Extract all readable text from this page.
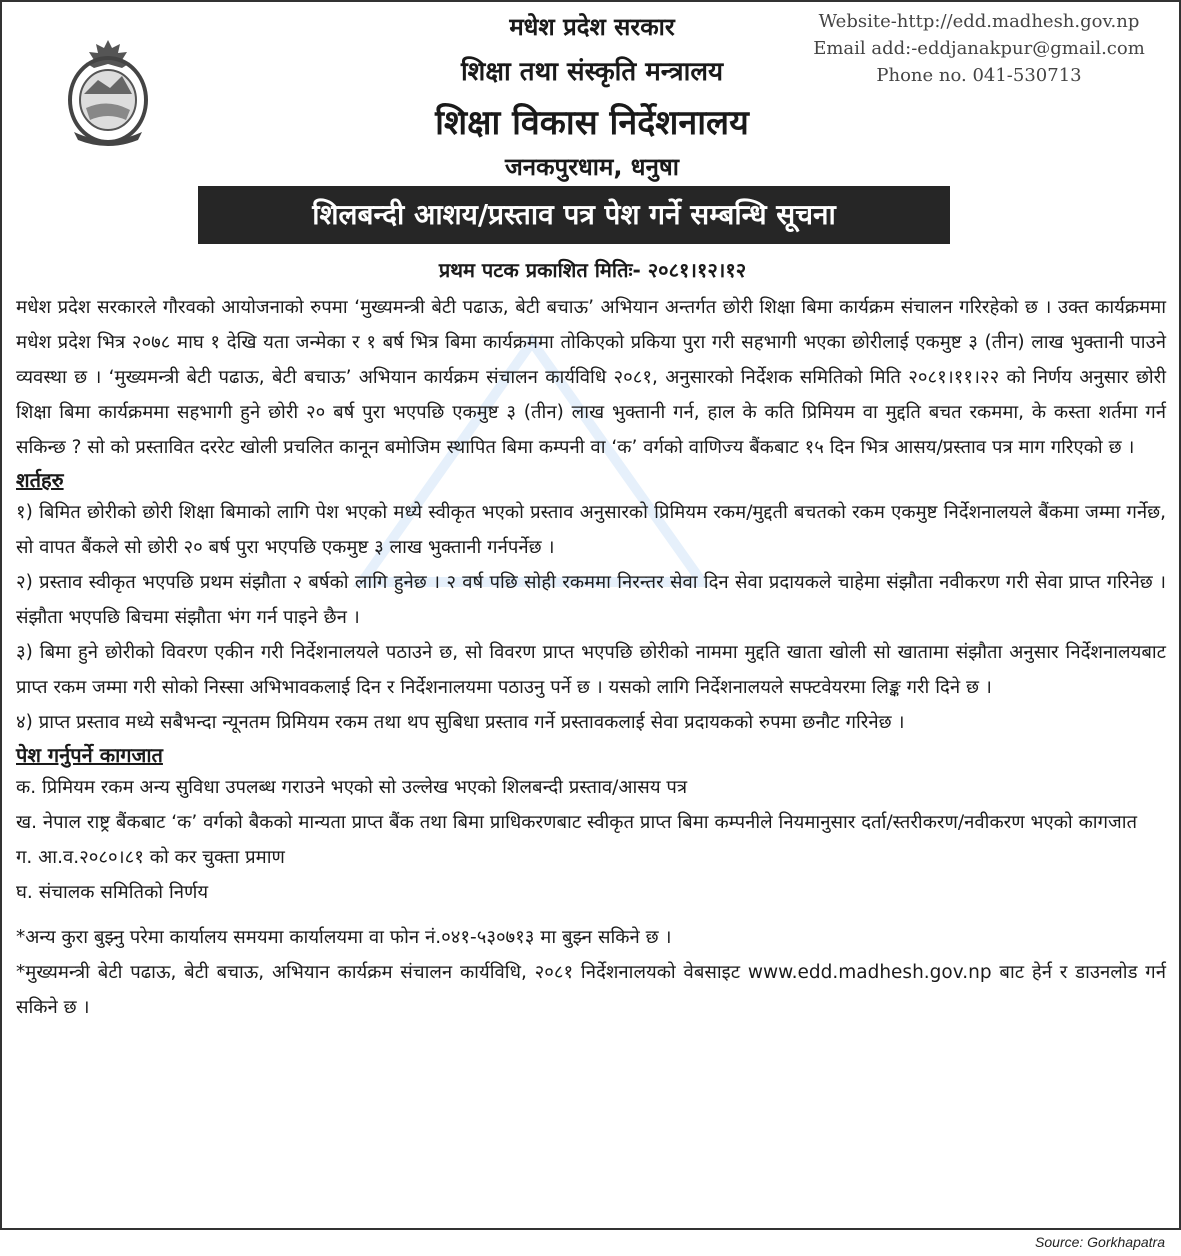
मधेश प्रदेश सरकार
शिक्षा तथा संस्कृति मन्त्रालय
शिक्षा विकास निर्देशनालय
जनकपुरधाम, धनुषा
Website-http://edd.madhesh.gov.np
Email add:-eddjanakpur@gmail.com
Phone no. 041-530713
शिलबन्दी आशय/प्रस्ताव पत्र पेश गर्ने सम्बन्धि सूचना
प्रथम पटक प्रकाशित मितिः- २०८१।१२।१२

मधेश प्रदेश सरकारले गौरवको आयोजनाको रुपमा ‘मुख्यमन्त्री बेटी पढाऊ, बेटी बचाऊ’ अभियान अन्तर्गत छोरी शिक्षा बिमा कार्यक्रम संचालन गरिरहेको छ । उक्त कार्यक्रममा मधेश प्रदेश भित्र २०७८ माघ १ देखि यता जन्मेका र १ बर्ष भित्र बिमा कार्यक्रममा तोकिएको प्रकिया पुरा गरी सहभागी भएका छोरीलाई एकमुष्ट ३ (तीन) लाख भुक्तानी पाउने व्यवस्था छ । ‘मुख्यमन्त्री बेटी पढाऊ, बेटी बचाऊ’ अभियान कार्यक्रम संचालन कार्यविधि २०८१, अनुसारको निर्देशक समितिको मिति २०८१।११।२२ को निर्णय अनुसार छोरी शिक्षा बिमा कार्यक्रममा सहभागी हुने छोरी २० बर्ष पुरा भएपछि एकमुष्ट ३ (तीन) लाख भुक्तानी गर्न, हाल के कति प्रिमियम वा मुद्दति बचत रकममा, के कस्ता शर्तमा गर्न सकिन्छ ? सो को प्रस्तावित दररेट खोली प्रचलित कानून बमोजिम स्थापित बिमा कम्पनी वा ‘क’ वर्गको वाणिज्य बैंकबाट १५ दिन भित्र आसय/प्रस्ताव पत्र माग गरिएको छ ।

शर्तहरु

१) बिमित छोरीको छोरी शिक्षा बिमाको लागि पेश भएको मध्ये स्वीकृत भएको प्रस्ताव अनुसारको प्रिमियम रकम/मुद्दती बचतको रकम एकमुष्ट निर्देशनालयले बैंकमा जम्मा गर्नेछ, सो वापत बैंकले सो छोरी २० बर्ष पुरा भएपछि एकमुष्ट ३ लाख भुक्तानी गर्नपर्नेछ ।

२) प्रस्ताव स्वीकृत भएपछि प्रथम संझौता २ बर्षको लागि हुनेछ । २ वर्ष पछि सोही रकममा निरन्तर सेवा दिन सेवा प्रदायकले चाहेमा संझौता नवीकरण गरी सेवा प्राप्त गरिनेछ । संझौता भएपछि बिचमा संझौता भंग गर्न पाइने छैन ।

३) बिमा हुने छोरीको विवरण एकीन गरी निर्देशनालयले पठाउने छ, सो विवरण प्राप्त भएपछि छोरीको नाममा मुद्दति खाता खोली सो खातामा संझौता अनुसार निर्देशनालयबाट प्राप्त रकम जम्मा गरी सोको निस्सा अभिभावकलाई दिन र निर्देशनालयमा पठाउनु पर्ने छ । यसको लागि निर्देशनालयले सफ्टवेयरमा लिङ्क गरी दिने छ ।

४) प्राप्त प्रस्ताव मध्ये सबैभन्दा न्यूनतम प्रिमियम रकम तथा थप सुबिधा प्रस्ताव गर्ने प्रस्तावकलाई सेवा प्रदायकको रुपमा छनौट गरिनेछ ।

पेश गर्नुपर्ने कागजात

क. प्रिमियम रकम अन्य सुविधा उपलब्ध गराउने भएको सो उल्लेख भएको शिलबन्दी प्रस्ताव/आसय पत्र

ख. नेपाल राष्ट्र बैंकबाट ‘क’ वर्गको बैकको मान्यता प्राप्त बैंक तथा बिमा प्राधिकरणबाट स्वीकृत प्राप्त बिमा कम्पनीले नियमानुसार दर्ता/स्तरीकरण/नवीकरण भएको कागजात

ग. आ.व.२०८०।८१ को कर चुक्ता प्रमाण

घ. संचालक समितिको निर्णय

*अन्य कुरा बुझ्नु परेमा कार्यालय समयमा कार्यालयमा वा फोन नं.०४१-५३०७१३ मा बुझ्न सकिने छ ।

*मुख्यमन्त्री बेटी पढाऊ, बेटी बचाऊ, अभियान कार्यक्रम संचालन कार्यविधि, २०८१ निर्देशनालयको वेबसाइट www.edd.madhesh.gov.np बाट हेर्न र डाउनलोड गर्न सकिने छ ।

Source: Gorkhapatra
